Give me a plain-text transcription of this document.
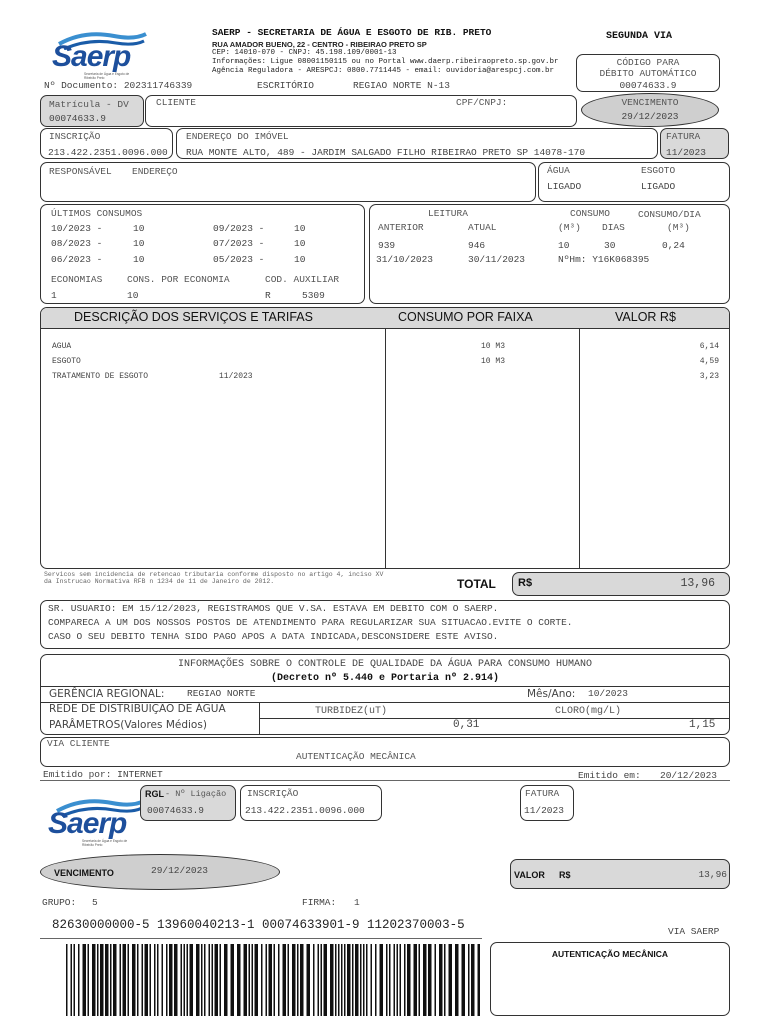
Saerp
Secretaria de Água e Esgoto de Ribeirão Preto
SAERP - SECRETARIA DE ÁGUA E ESGOTO DE RIB. PRETO
RUA AMADOR BUENO, 22 - CENTRO - RIBEIRAO PRETO SP
CEP: 14010-070 - CNPJ: 45.198.109/0001-13
Informações: Ligue 08001150115 ou no Portal www.daerp.ribeiraopreto.sp.gov.br
Agência Reguladora - ARESPCJ: 0800.7711445 - email: ouvidoria@arespcj.com.br
SEGUNDA VIA
CÓDIGO PARA
DÉBITO AUTOMÁTICO
00074633.9
Nº Documento: 202311746339	ESCRITÓRIO	REGIAO NORTE N-13
Matrícula - DV
00074633.9
CLIENTE	CPF/CNPJ:	VENCIMENTO
29/12/2023
INSCRIÇÃO
213.422.2351.0096.000
ENDEREÇO DO IMÓVEL
RUA MONTE ALTO, 489 - JARDIM SALGADO FILHO RIBEIRAO PRETO SP 14078-170
FATURA
11/2023
RESPONSÁVEL ENDEREÇO	ÁGUA	ESGOTO
LIGADO	LIGADO
ÚLTIMOS CONSUMOS
10/2023 -	10	09/2023 -	10
08/2023 -	10	07/2023 -	10
06/2023 -	10	05/2023 -	10
ECONOMIAS	CONS. POR ECONOMIA	COD. AUXILIAR
1	10	R	5309
LEITURA	CONSUMO	CONSUMO/DIA
ANTERIOR	ATUAL	(M³) DIAS	(M³)
939	946	10	30	0,24
31/10/2023	30/11/2023	NºHm: Y16K068395
DESCRIÇÃO DOS SERVIÇOS E TARIFAS	CONSUMO POR FAIXA	VALOR R$
AGUA	10 M3	6,14
ESGOTO	10 M3	4,59
TRATAMENTO DE ESGOTO	11/2023	3,23
Servicos sem incidencia de retencao tributaria conforme disposto no artigo 4, inciso XV
da Instrucao Normativa RFB n 1234 de 11 de Janeiro de 2012.	TOTAL R$	13,96
SR. USUARIO: EM 15/12/2023, REGISTRAMOS QUE V.SA. ESTAVA EM DEBITO COM O SAERP.
COMPARECA A UM DOS NOSSOS POSTOS DE ATENDIMENTO PARA REGULARIZAR SUA SITUACAO.EVITE O CORTE.
CASO O SEU DEBITO TENHA SIDO PAGO APOS A DATA INDICADA,DESCONSIDERE ESTE AVISO.
INFORMAÇÕES SOBRE O CONTROLE DE QUALIDADE DA ÁGUA PARA CONSUMO HUMANO
(Decreto nº 5.440 e Portaria nº 2.914)
GERÊNCIA REGIONAL: REGIAO NORTE	Mês/Ano: 10/2023
REDE DE DISTRIBUIÇÃO DE ÁGUA
PARÂMETROS(Valores Médios)
TURBIDEZ(uT)	CLORO(mg/L)
0,31	1,15
VIA CLIENTE
AUTENTICAÇÃO MECÂNICA
Emitido por: INTERNET	Emitido em: 20/12/2023
Saerp
Secretaria de Água e Esgoto de Ribeirão Preto
RGL - Nº Ligação
00074633.9
INSCRIÇÃO
213.422.2351.0096.000
FATURA
11/2023
VENCIMENTO	29/12/2023	VALOR R$	13,96
GRUPO: 5	FIRMA: 1
82630000000-5 13960040213-1 00074633901-9 11202370003-5	VIA SAERP
AUTENTICAÇÃO MECÂNICA
